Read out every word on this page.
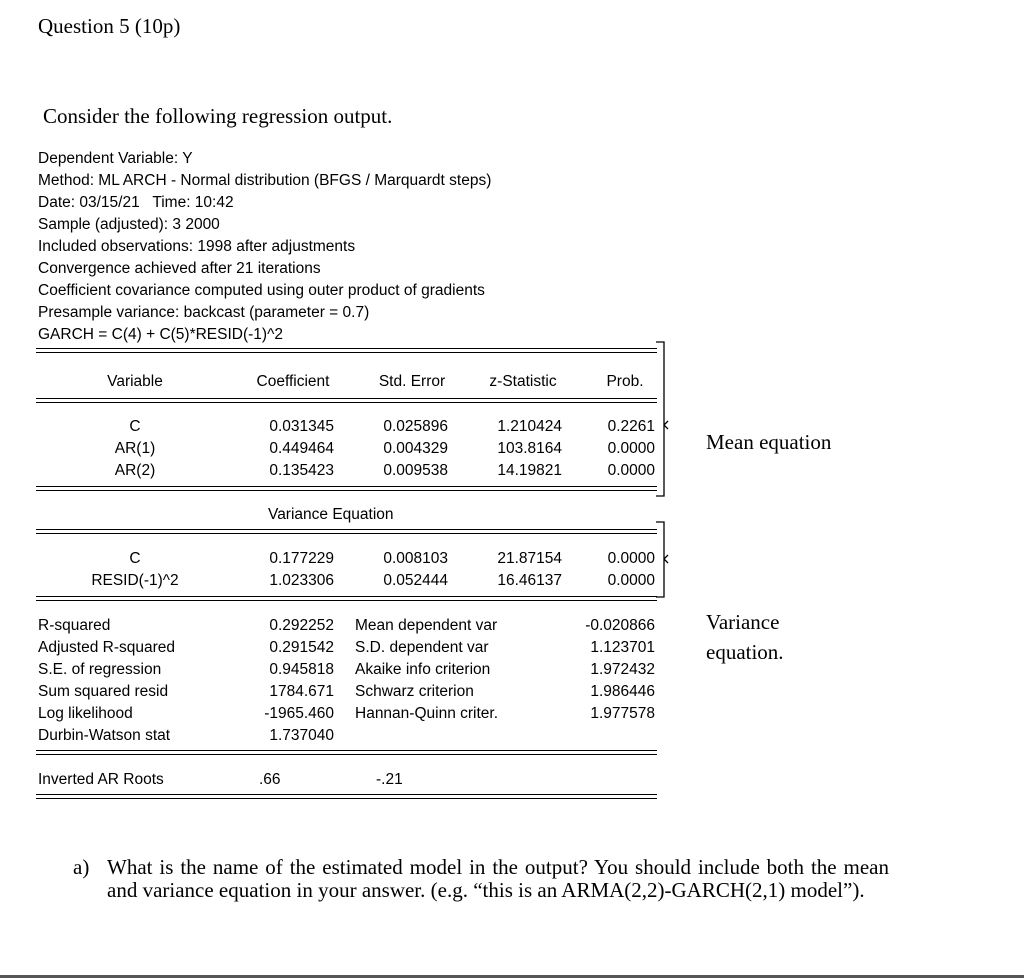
Question 5 (10p)
Consider the following regression output.
Dependent Variable: Y
Method: ML ARCH - Normal distribution (BFGS / Marquardt steps)
Date: 03/15/21   Time: 10:42
Sample (adjusted): 3 2000
Included observations: 1998 after adjustments
Convergence achieved after 21 iterations
Coefficient covariance computed using outer product of gradients
Presample variance: backcast (parameter = 0.7)
GARCH = C(4) + C(5)*RESID(-1)^2
Variable	Coefficient	Std. Error	z-Statistic	Prob.
C	0.031345	0.025896	1.210424	0.2261
AR(1)	0.449464	0.004329	103.8164	0.0000
AR(2)	0.135423	0.009538	14.19821	0.0000
Variance Equation
C	0.177229	0.008103	21.87154	0.0000
RESID(-1)^2	1.023306	0.052444	16.46137	0.0000
R-squared	0.292252 Mean dependent var	-0.020866
Adjusted R-squared	0.291542 S.D. dependent var	1.123701
S.E. of regression	0.945818 Akaike info criterion	1.972432
Sum squared resid	1784.671 Schwarz criterion	1.986446
Log likelihood	-1965.460 Hannan-Quinn criter.	1.977578
Durbin-Watson stat	1.737040
Inverted AR Roots	.66	-.21
Mean equation
Variance
equation.
a) What is the name of the estimated model in the output? You should include both the mean and variance equation in your answer. (e.g. “this is an ARMA(2,2)-GARCH(2,1) model”).
